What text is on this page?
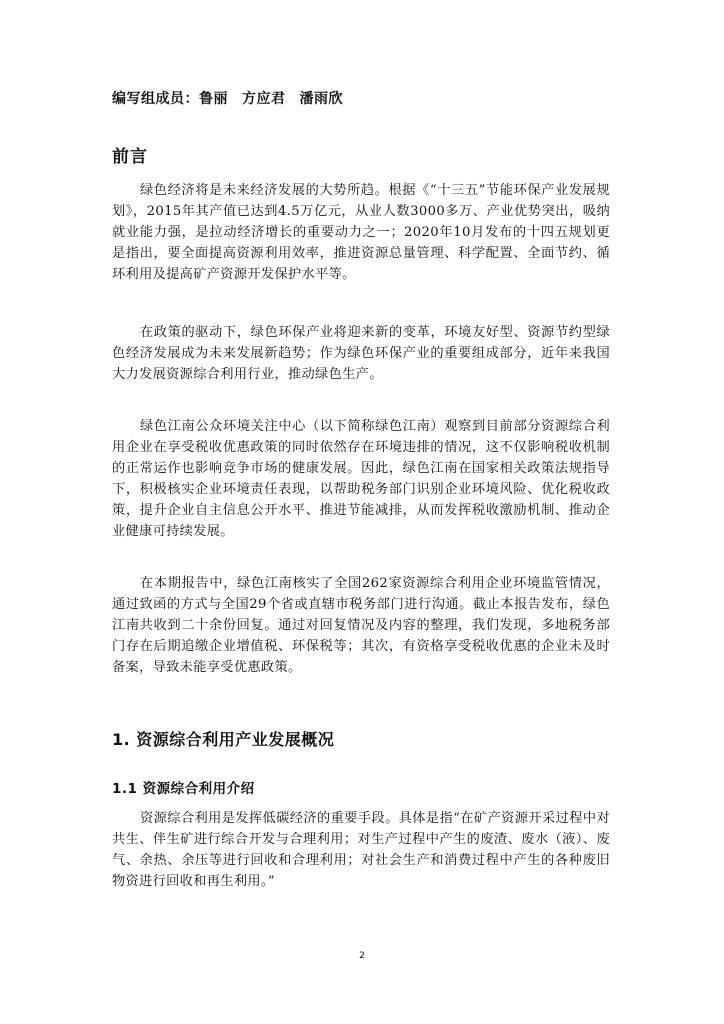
编写组成员：鲁丽 方应君 潘雨欣
前言

绿色经济将是未来经济发展的大势所趋。根据《“十三五”节能环保产业发展规划》，2015年其产值已达到4.5万亿元，从业人数3000多万、产业优势突出，吸纳就业能力强，是拉动经济增长的重要动力之一；2020年10月发布的十四五规划更是指出，要全面提高资源利用效率，推进资源总量管理、科学配置、全面节约、循环利用及提高矿产资源开发保护水平等。

在政策的驱动下，绿色环保产业将迎来新的变革，环境友好型、资源节约型绿色经济发展成为未来发展新趋势；作为绿色环保产业的重要组成部分，近年来我国大力发展资源综合利用行业，推动绿色生产。

绿色江南公众环境关注中心（以下简称绿色江南）观察到目前部分资源综合利用企业在享受税收优惠政策的同时依然存在环境违排的情况，这不仅影响税收机制的正常运作也影响竞争市场的健康发展。因此，绿色江南在国家相关政策法规指导下，积极核实企业环境责任表现，以帮助税务部门识别企业环境风险、优化税收政策，提升企业自主信息公开水平、推进节能减排，从而发挥税收激励机制、推动企业健康可持续发展。

在本期报告中，绿色江南核实了全国262家资源综合利用企业环境监管情况，通过致函的方式与全国29个省或直辖市税务部门进行沟通。截止本报告发布，绿色江南共收到二十余份回复。通过对回复情况及内容的整理，我们发现，多地税务部门存在后期追缴企业增值税、环保税等；其次，有资格享受税收优惠的企业未及时备案，导致未能享受优惠政策。

1. 资源综合利用产业发展概况
1.1 资源综合利用介绍

资源综合利用是发挥低碳经济的重要手段。具体是指“在矿产资源开采过程中对共生、伴生矿进行综合开发与合理利用；对生产过程中产生的废渣、废水（液）、废气、余热、余压等进行回收和合理利用；对社会生产和消费过程中产生的各种废旧物资进行回收和再生利用。”

2
